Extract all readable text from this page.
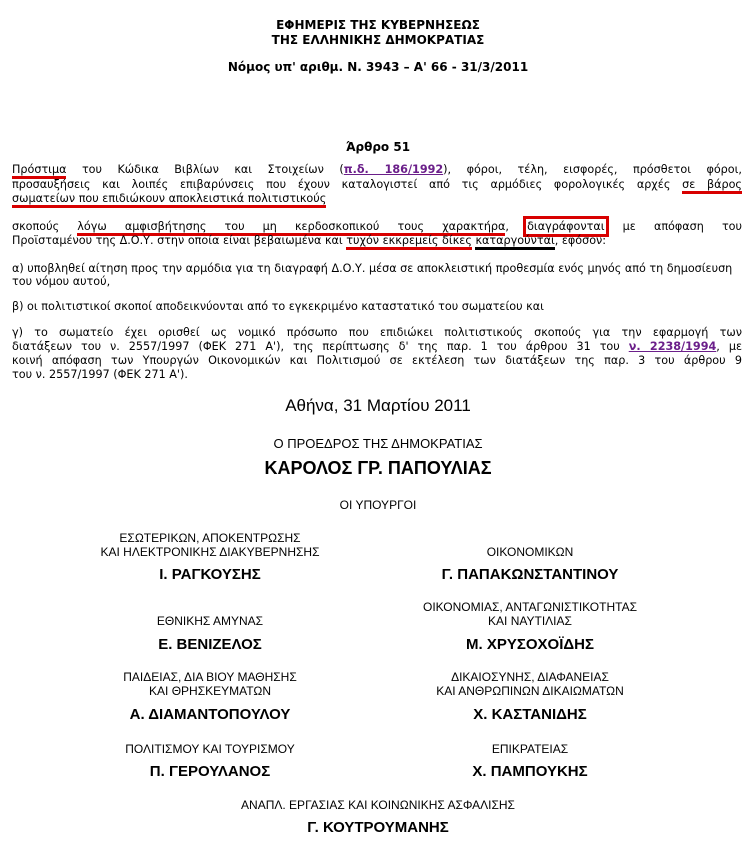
ΕΦΗΜΕΡΙΣ ΤΗΣ ΚΥΒΕΡΝΗΣΕΩΣ
ΤΗΣ ΕΛΛΗΝΙΚΗΣ ΔΗΜΟΚΡΑΤΙΑΣ
Νόμος υπ' αριθμ. Ν. 3943 – Α' 66 - 31/3/2011
Άρθρο 51
Πρόστιμα του Κώδικα Βιβλίων και Στοιχείων (π.δ. 186/1992), φόροι, τέλη, εισφορές, πρόσθετοι φόροι,
προσαυξήσεις και λοιπές επιβαρύνσεις που έχουν καταλογιστεί από τις αρμόδιες φορολογικές αρχές σε βάρος
σωματείων που επιδιώκουν αποκλειστικά πολιτιστικούς
σκοπούς λόγω αμφισβήτησης του μη κερδοσκοπικού τους χαρακτήρα, διαγράφονται με απόφαση του
Προϊσταμένου της Δ.Ο.Υ. στην οποία είναι βεβαιωμένα και τυχόν εκκρεμείς δίκες καταργούνται, εφόσον:
α) υποβληθεί αίτηση προς την αρμόδια για τη διαγραφή Δ.Ο.Υ. μέσα σε αποκλειστική προθεσμία ενός μηνός από τη δημοσίευση του νόμου αυτού,
β) οι πολιτιστικοί σκοποί αποδεικνύονται από το εγκεκριμένο καταστατικό του σωματείου και
γ) το σωματείο έχει ορισθεί ως νομικό πρόσωπο που επιδιώκει πολιτιστικούς σκοπούς για την εφαρμογή των
διατάξεων του ν. 2557/1997 (ΦΕΚ 271 Α'), της περίπτωσης δ' της παρ. 1 του άρθρου 31 του ν. 2238/1994, με
κοινή απόφαση των Υπουργών Οικονομικών και Πολιτισμού σε εκτέλεση των διατάξεων της παρ. 3 του άρθρου 9
του ν. 2557/1997 (ΦΕΚ 271 Α').
Αθήνα, 31 Μαρτίου 2011
Ο ΠΡΟΕΔΡΟΣ ΤΗΣ ΔΗΜΟΚΡΑΤΙΑΣ
ΚΑΡΟΛΟΣ ΓΡ. ΠΑΠΟΥΛΙΑΣ
ΟΙ ΥΠΟΥΡΓΟΙ
ΕΣΩΤΕΡΙΚΩΝ, ΑΠΟΚΕΝΤΡΩΣΗΣ
ΚΑΙ ΗΛΕΚΤΡΟΝΙΚΗΣ ΔΙΑΚΥΒΕΡΝΗΣΗΣ
Ι. ΡΑΓΚΟΥΣΗΣ
ΟΙΚΟΝΟΜΙΚΩΝ
Γ. ΠΑΠΑΚΩΝΣΤΑΝΤΙΝΟΥ
ΕΘΝΙΚΗΣ ΑΜΥΝΑΣ
Ε. ΒΕΝΙΖΕΛΟΣ
ΟΙΚΟΝΟΜΙΑΣ, ΑΝΤΑΓΩΝΙΣΤΙΚΟΤΗΤΑΣ
ΚΑΙ ΝΑΥΤΙΛΙΑΣ
Μ. ΧΡΥΣΟΧΟΪΔΗΣ
ΠΑΙΔΕΙΑΣ, ΔΙΑ ΒΙΟΥ ΜΑΘΗΣΗΣ
ΚΑΙ ΘΡΗΣΚΕΥΜΑΤΩΝ
Α. ΔΙΑΜΑΝΤΟΠΟΥΛΟΥ
ΔΙΚΑΙΟΣΥΝΗΣ, ΔΙΑΦΑΝΕΙΑΣ
ΚΑΙ ΑΝΘΡΩΠΙΝΩΝ ΔΙΚΑΙΩΜΑΤΩΝ
Χ. ΚΑΣΤΑΝΙΔΗΣ
ΠΟΛΙΤΙΣΜΟΥ ΚΑΙ ΤΟΥΡΙΣΜΟΥ
Π. ΓΕΡΟΥΛΑΝΟΣ
ΕΠΙΚΡΑΤΕΙΑΣ
Χ. ΠΑΜΠΟΥΚΗΣ
ΑΝΑΠΛ. ΕΡΓΑΣΙΑΣ ΚΑΙ ΚΟΙΝΩΝΙΚΗΣ ΑΣΦΑΛΙΣΗΣ
Γ. ΚΟΥΤΡΟΥΜΑΝΗΣ
